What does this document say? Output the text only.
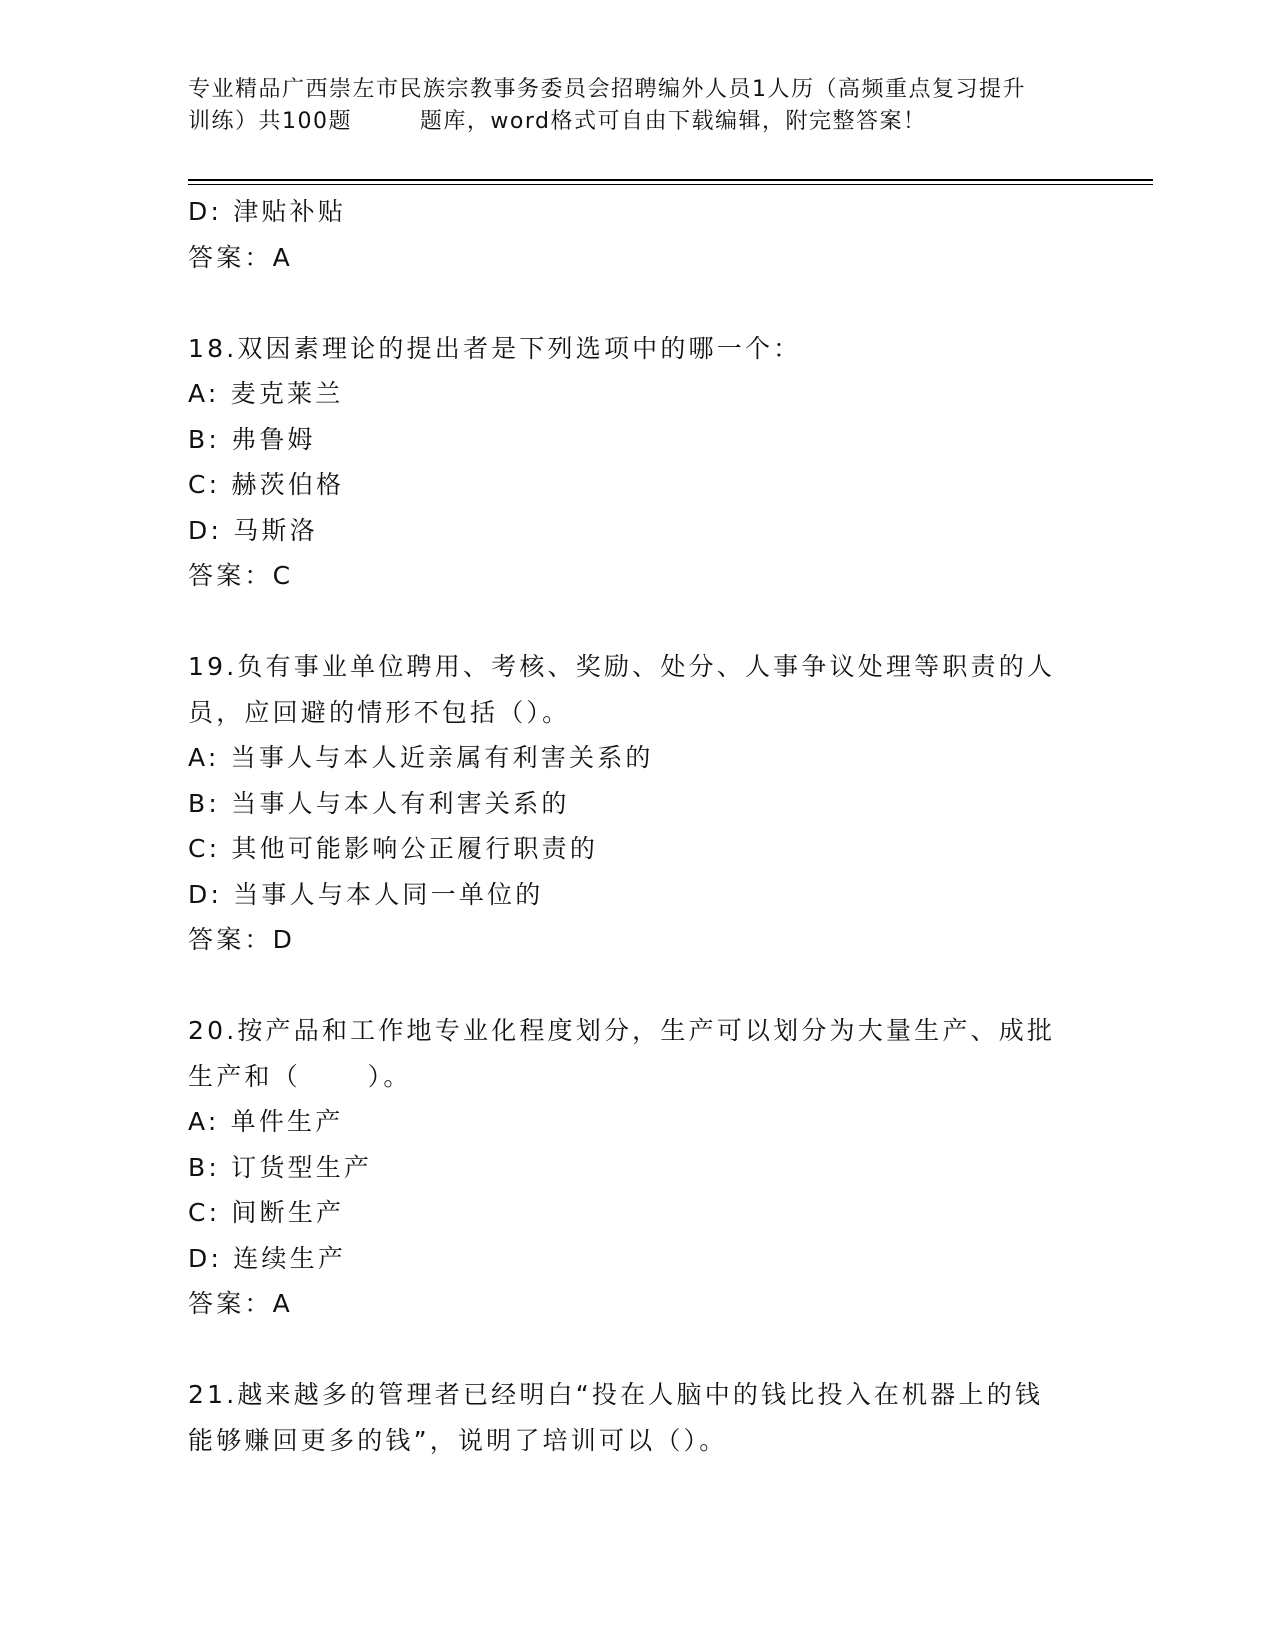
专业精品广西崇左市民族宗教事务委员会招聘编外人员1人历（高频重点复习提升
训练）共100题        题库，word格式可自由下载编辑，附完整答案！
D: 津贴补贴
答案：A
18.双因素理论的提出者是下列选项中的哪一个：
A: 麦克莱兰
B: 弗鲁姆
C: 赫茨伯格
D: 马斯洛
答案：C
19.负有事业单位聘用、考核、奖励、处分、人事争议处理等职责的人
员，应回避的情形不包括（）。
A: 当事人与本人近亲属有利害关系的
B: 当事人与本人有利害关系的
C: 其他可能影响公正履行职责的
D: 当事人与本人同一单位的
答案：D
20.按产品和工作地专业化程度划分，生产可以划分为大量生产、成批
生产和（      ）。
A: 单件生产
B: 订货型生产
C: 间断生产
D: 连续生产
答案：A
21.越来越多的管理者已经明白“投在人脑中的钱比投入在机器上的钱
能够赚回更多的钱”，说明了培训可以（）。
